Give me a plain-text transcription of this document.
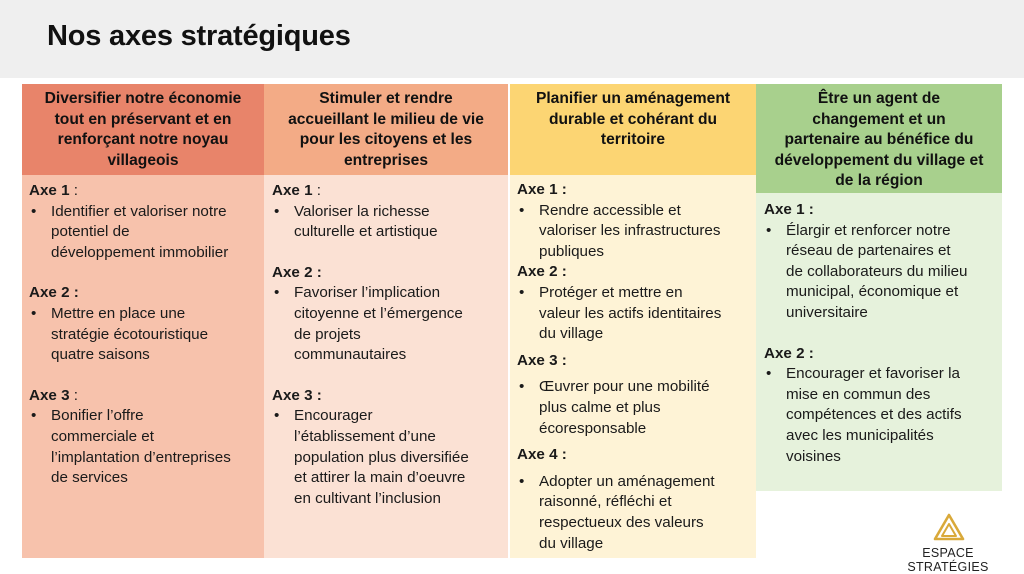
Nos axes stratégiques
Diversifier notre économie
tout en préservant et en
renforçant notre noyau
villageois
Axe 1 :
• Identifier et valoriser notre
potentiel de
développement immobilier
Axe 2 :
• Mettre en place une
stratégie écotouristique
quatre saisons
Axe 3 :
• Bonifier l’offre
commerciale et
l’implantation d’entreprises
de services
Stimuler et rendre
accueillant le milieu de vie
pour les citoyens et les
entreprises
Axe 1 :
• Valoriser la richesse
culturelle et artistique
Axe 2 :
• Favoriser l’implication
citoyenne et l’émergence
de projets
communautaires
Axe 3 :
• Encourager
l’établissement d’une
population plus diversifiée
et attirer la main d’oeuvre
en cultivant l’inclusion
Planifier un aménagement
durable et cohérant du
territoire
Axe 1 :
• Rendre accessible et
valoriser les infrastructures
publiques
Axe 2 :
• Protéger et mettre en
valeur les actifs identitaires
du village
Axe 3 :
• Œuvrer pour une mobilité
plus calme et plus
écoresponsable
Axe 4 :
• Adopter un aménagement
raisonné, réfléchi et
respectueux des valeurs
du village
Être un agent de
changement et un
partenaire au bénéfice du
développement du village et
de la région
Axe 1 :
• Élargir et renforcer notre
réseau de partenaires et
de collaborateurs du milieu
municipal, économique et
universitaire
Axe 2 :
• Encourager et favoriser la
mise en commun des
compétences et des actifs
avec les municipalités
voisines
ESPACE STRATÉGIES
